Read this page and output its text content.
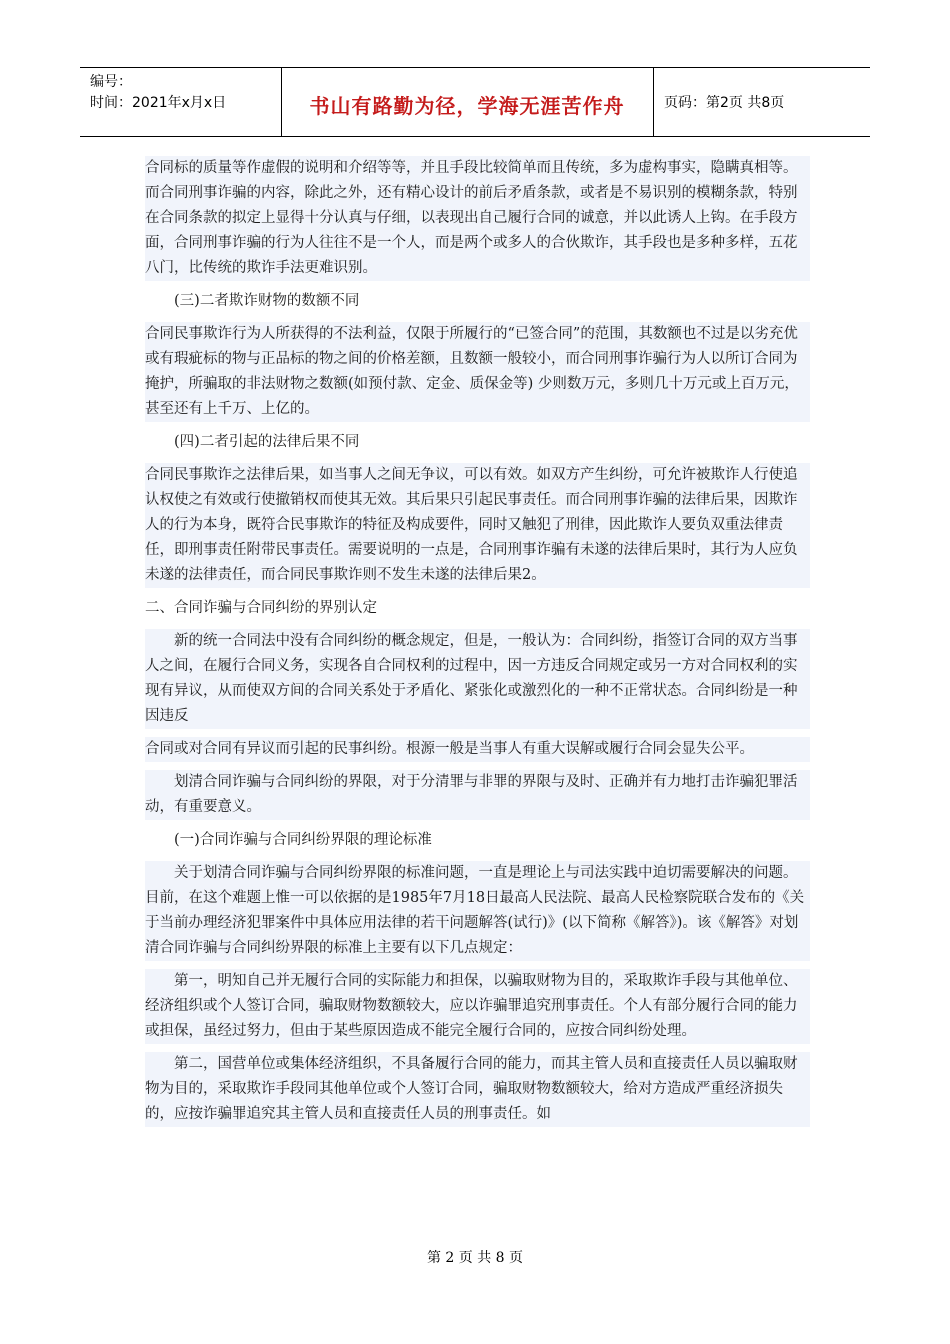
编号：
时间：2021年x月x日	书山有路勤为径，学海无涯苦作舟	页码：第2页 共8页

合同标的质量等作虚假的说明和介绍等等，并且手段比较简单而且传统，多为虚构事实，隐瞒真相等。而合同刑事诈骗的内容，除此之外，还有精心设计的前后矛盾条款，或者是不易识别的模糊条款，特别在合同条款的拟定上显得十分认真与仔细，以表现出自己履行合同的诚意，并以此诱人上钩。在手段方面，合同刑事诈骗的行为人往往不是一个人，而是两个或多人的合伙欺诈，其手段也是多种多样，五花八门，比传统的欺诈手法更难识别。

(三)二者欺诈财物的数额不同

合同民事欺诈行为人所获得的不法利益，仅限于所履行的“已签合同”的范围，其数额也不过是以劣充优或有瑕疵标的物与正品标的物之间的价格差额，且数额一般较小，而合同刑事诈骗行为人以所订合同为掩护，所骗取的非法财物之数额(如预付款、定金、质保金等) 少则数万元，多则几十万元或上百万元，甚至还有上千万、上亿的。

(四)二者引起的法律后果不同

合同民事欺诈之法律后果，如当事人之间无争议，可以有效。如双方产生纠纷，可允许被欺诈人行使追认权使之有效或行使撤销权而使其无效。其后果只引起民事责任。而合同刑事诈骗的法律后果，因欺诈人的行为本身，既符合民事欺诈的特征及构成要件，同时又触犯了刑律，因此欺诈人要负双重法律责任，即刑事责任附带民事责任。需要说明的一点是，合同刑事诈骗有未遂的法律后果时，其行为人应负未遂的法律责任，而合同民事欺诈则不发生未遂的法律后果2。

二、合同诈骗与合同纠纷的界别认定

新的统一合同法中没有合同纠纷的概念规定，但是，一般认为：合同纠纷，指签订合同的双方当事人之间，在履行合同义务，实现各自合同权利的过程中，因一方违反合同规定或另一方对合同权利的实现有异议，从而使双方间的合同关系处于矛盾化、紧张化或激烈化的一种不正常状态。合同纠纷是一种因违反

合同或对合同有异议而引起的民事纠纷。根源一般是当事人有重大误解或履行合同会显失公平。

划清合同诈骗与合同纠纷的界限，对于分清罪与非罪的界限与及时、正确并有力地打击诈骗犯罪活动，有重要意义。

(一)合同诈骗与合同纠纷界限的理论标准

关于划清合同诈骗与合同纠纷界限的标准问题，一直是理论上与司法实践中迫切需要解决的问题。目前，在这个难题上惟一可以依据的是1985年7月18日最高人民法院、最高人民检察院联合发布的《关于当前办理经济犯罪案件中具体应用法律的若干问题解答(试行)》(以下简称《解答》)。该《解答》对划清合同诈骗与合同纠纷界限的标准上主要有以下几点规定：

第一，明知自己并无履行合同的实际能力和担保，以骗取财物为目的，采取欺诈手段与其他单位、经济组织或个人签订合同，骗取财物数额较大，应以诈骗罪追究刑事责任。个人有部分履行合同的能力或担保，虽经过努力，但由于某些原因造成不能完全履行合同的，应按合同纠纷处理。

第二，国营单位或集体经济组织，不具备履行合同的能力，而其主管人员和直接责任人员以骗取财物为目的，采取欺诈手段同其他单位或个人签订合同，骗取财物数额较大，给对方造成严重经济损失的，应按诈骗罪追究其主管人员和直接责任人员的刑事责任。如

第 2 页 共 8 页
